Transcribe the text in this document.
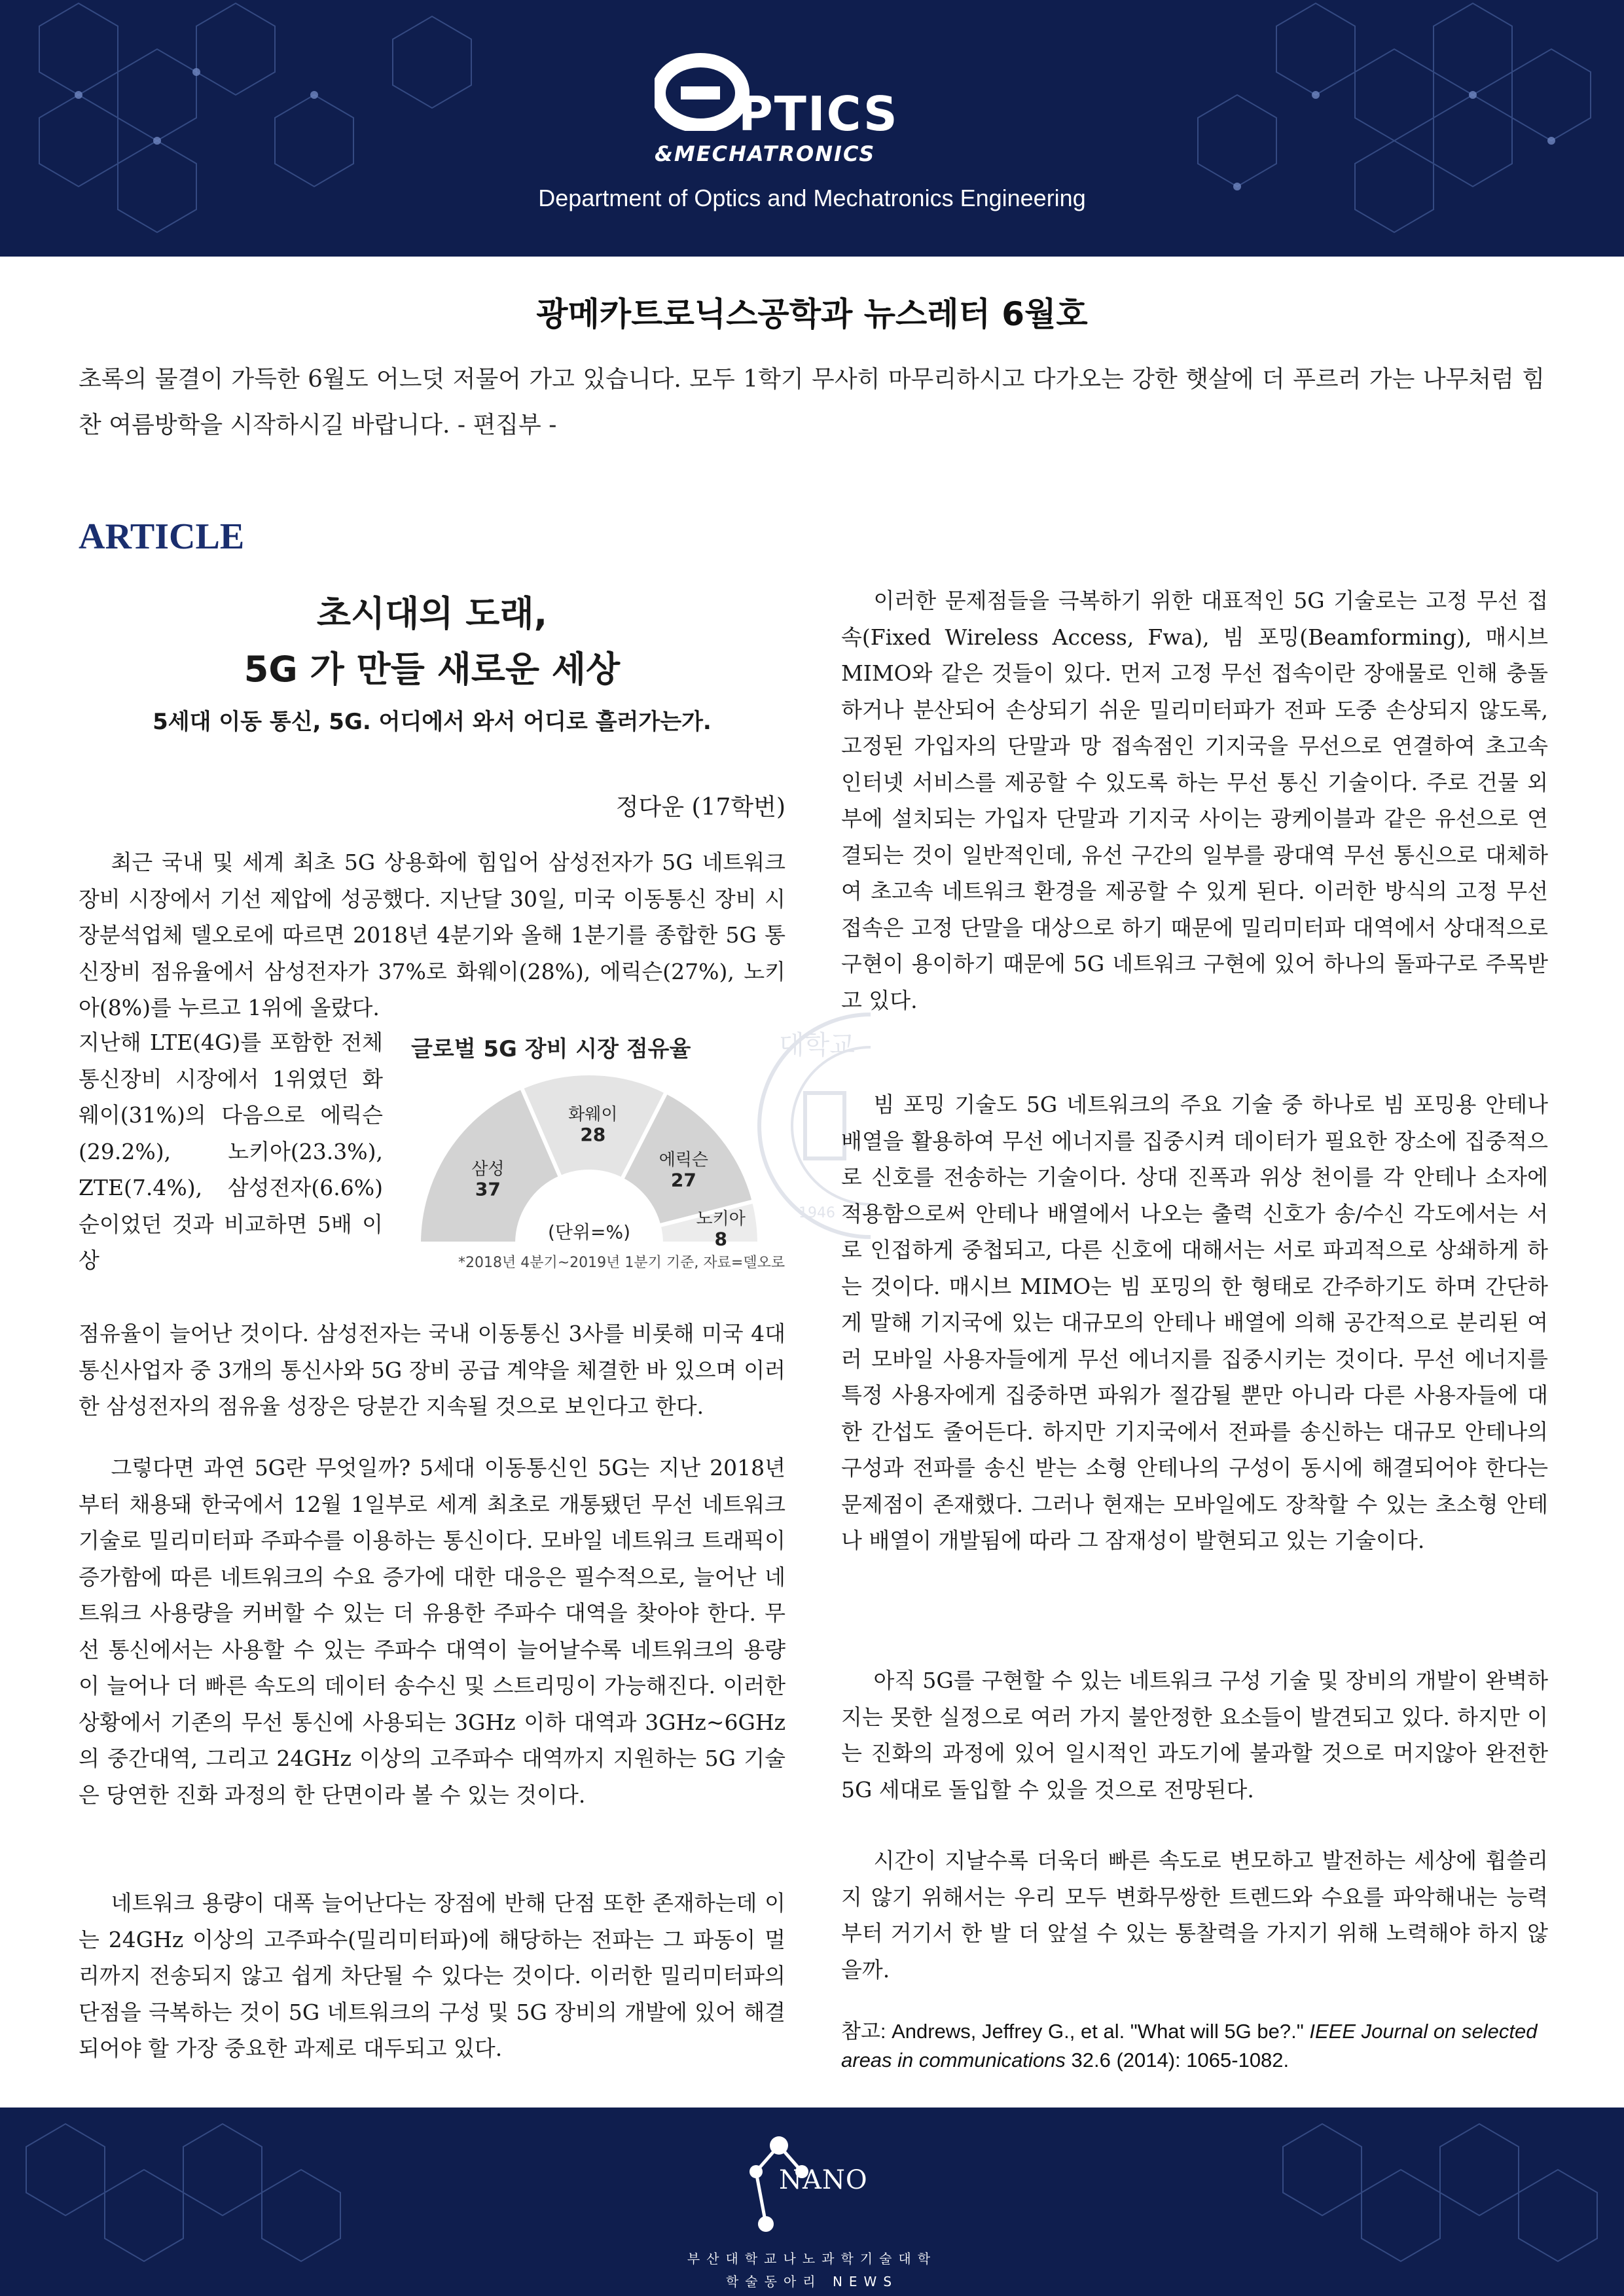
PTICS
&MECHATRONICS
Department of Optics and Mechatronics Engineering
광메카트로닉스공학과 뉴스레터 6월호

초록의 물결이 가득한 6월도 어느덧 저물어 가고 있습니다. 모두 1학기 무사히 마무리하시고 다가오는 강한 햇살에 더 푸르러 가는 나무처럼 힘찬 여름방학을 시작하시길 바랍니다. - 편집부 -

ARTICLE
1946
대학교
초시대의 도래,
5G 가 만들 새로운 세상
5세대 이동 통신, 5G. 어디에서 와서 어디로 흘러가는가.
정다운 (17학번)

최근 국내 및 세계 최초 5G 상용화에 힘입어 삼성전자가 5G 네트워크 장비 시장에서 기선 제압에 성공했다. 지난달 30일, 미국 이동통신 장비 시장분석업체 델오로에 따르면 2018년 4분기와 올해 1분기를 종합한 5G 통신장비 점유율에서 삼성전자가 37%로 화웨이(28%), 에릭슨(27%), 노키아(8%)를 누르고 1위에 올랐다.

지난해 LTE(4G)를 포함한 전체 통신장비 시장에서 1위였던 화웨이(31%)의 다음으로 에릭슨(29.2%), 노키아(23.3%), ZTE(7.4%), 삼성전자(6.6%) 순이었던 것과 비교하면 5배 이상

점유율이 늘어난 것이다. 삼성전자는 국내 이동통신 3사를 비롯해 미국 4대 통신사업자 중 3개의 통신사와 5G 장비 공급 계약을 체결한 바 있으며 이러한 삼성전자의 점유율 성장은 당분간 지속될 것으로 보인다고 한다.

그렇다면 과연 5G란 무엇일까? 5세대 이동통신인 5G는 지난 2018년부터 채용돼 한국에서 12월 1일부로 세계 최초로 개통됐던 무선 네트워크 기술로 밀리미터파 주파수를 이용하는 통신이다. 모바일 네트워크 트래픽이 증가함에 따른 네트워크의 수요 증가에 대한 대응은 필수적으로, 늘어난 네트워크 사용량을 커버할 수 있는 더 유용한 주파수 대역을 찾아야 한다. 무선 통신에서는 사용할 수 있는 주파수 대역이 늘어날수록 네트워크의 용량이 늘어나 더 빠른 속도의 데이터 송수신 및 스트리밍이 가능해진다. 이러한 상황에서 기존의 무선 통신에 사용되는 3GHz 이하 대역과 3GHz~6GHz의 중간대역, 그리고 24GHz 이상의 고주파수 대역까지 지원하는 5G 기술은 당연한 진화 과정의 한 단면이라 볼 수 있는 것이다.

네트워크 용량이 대폭 늘어난다는 장점에 반해 단점 또한 존재하는데 이는 24GHz 이상의 고주파수(밀리미터파)에 해당하는 전파는 그 파동이 멀리까지 전송되지 않고 쉽게 차단될 수 있다는 것이다. 이러한 밀리미터파의 단점을 극복하는 것이 5G 네트워크의 구성 및 5G 장비의 개발에 있어 해결되어야 할 가장 중요한 과제로 대두되고 있다.

글로벌 5G 장비 시장 점유율
삼성
37
화웨이
28
에릭슨
27
노키아
8
(단위=%)
*2018년 4분기~2019년 1분기 기준, 자료=델오로

이러한 문제점들을 극복하기 위한 대표적인 5G 기술로는 고정 무선 접속(Fixed Wireless Access, Fwa), 빔 포밍(Beamforming), 매시브 MIMO와 같은 것들이 있다. 먼저 고정 무선 접속이란 장애물로 인해 충돌하거나 분산되어 손상되기 쉬운 밀리미터파가 전파 도중 손상되지 않도록, 고정된 가입자의 단말과 망 접속점인 기지국을 무선으로 연결하여 초고속 인터넷 서비스를 제공할 수 있도록 하는 무선 통신 기술이다. 주로 건물 외부에 설치되는 가입자 단말과 기지국 사이는 광케이블과 같은 유선으로 연결되는 것이 일반적인데, 유선 구간의 일부를 광대역 무선 통신으로 대체하여 초고속 네트워크 환경을 제공할 수 있게 된다. 이러한 방식의 고정 무선 접속은 고정 단말을 대상으로 하기 때문에 밀리미터파 대역에서 상대적으로 구현이 용이하기 때문에 5G 네트워크 구현에 있어 하나의 돌파구로 주목받고 있다.

빔 포밍 기술도 5G 네트워크의 주요 기술 중 하나로 빔 포밍용 안테나 배열을 활용하여 무선 에너지를 집중시켜 데이터가 필요한 장소에 집중적으로 신호를 전송하는 기술이다. 상대 진폭과 위상 천이를 각 안테나 소자에 적용함으로써 안테나 배열에서 나오는 출력 신호가 송/수신 각도에서는 서로 인접하게 중첩되고, 다른 신호에 대해서는 서로 파괴적으로 상쇄하게 하는 것이다. 매시브 MIMO는 빔 포밍의 한 형태로 간주하기도 하며 간단하게 말해 기지국에 있는 대규모의 안테나 배열에 의해 공간적으로 분리된 여러 모바일 사용자들에게 무선 에너지를 집중시키는 것이다. 무선 에너지를 특정 사용자에게 집중하면 파워가 절감될 뿐만 아니라 다른 사용자들에 대한 간섭도 줄어든다. 하지만 기지국에서 전파를 송신하는 대규모 안테나의 구성과 전파를 송신 받는 소형 안테나의 구성이 동시에 해결되어야 한다는 문제점이 존재했다. 그러나 현재는 모바일에도 장착할 수 있는 초소형 안테나 배열이 개발됨에 따라 그 잠재성이 발현되고 있는 기술이다.

아직 5G를 구현할 수 있는 네트워크 구성 기술 및 장비의 개발이 완벽하지는 못한 실정으로 여러 가지 불안정한 요소들이 발견되고 있다. 하지만 이는 진화의 과정에 있어 일시적인 과도기에 불과할 것으로 머지않아 완전한 5G 세대로 돌입할 수 있을 것으로 전망된다.

시간이 지날수록 더욱더 빠른 속도로 변모하고 발전하는 세상에 휩쓸리지 않기 위해서는 우리 모두 변화무쌍한 트렌드와 수요를 파악해내는 능력부터 거기서 한 발 더 앞설 수 있는 통찰력을 가지기 위해 노력해야 하지 않을까.

참고: Andrews, Jeffrey G., et al. "What will 5G be?." IEEE Journal on selected areas in communications 32.6 (2014): 1065-1082.
NANO
부산대학교나노과학기술대학
학술동아리 NEWS
